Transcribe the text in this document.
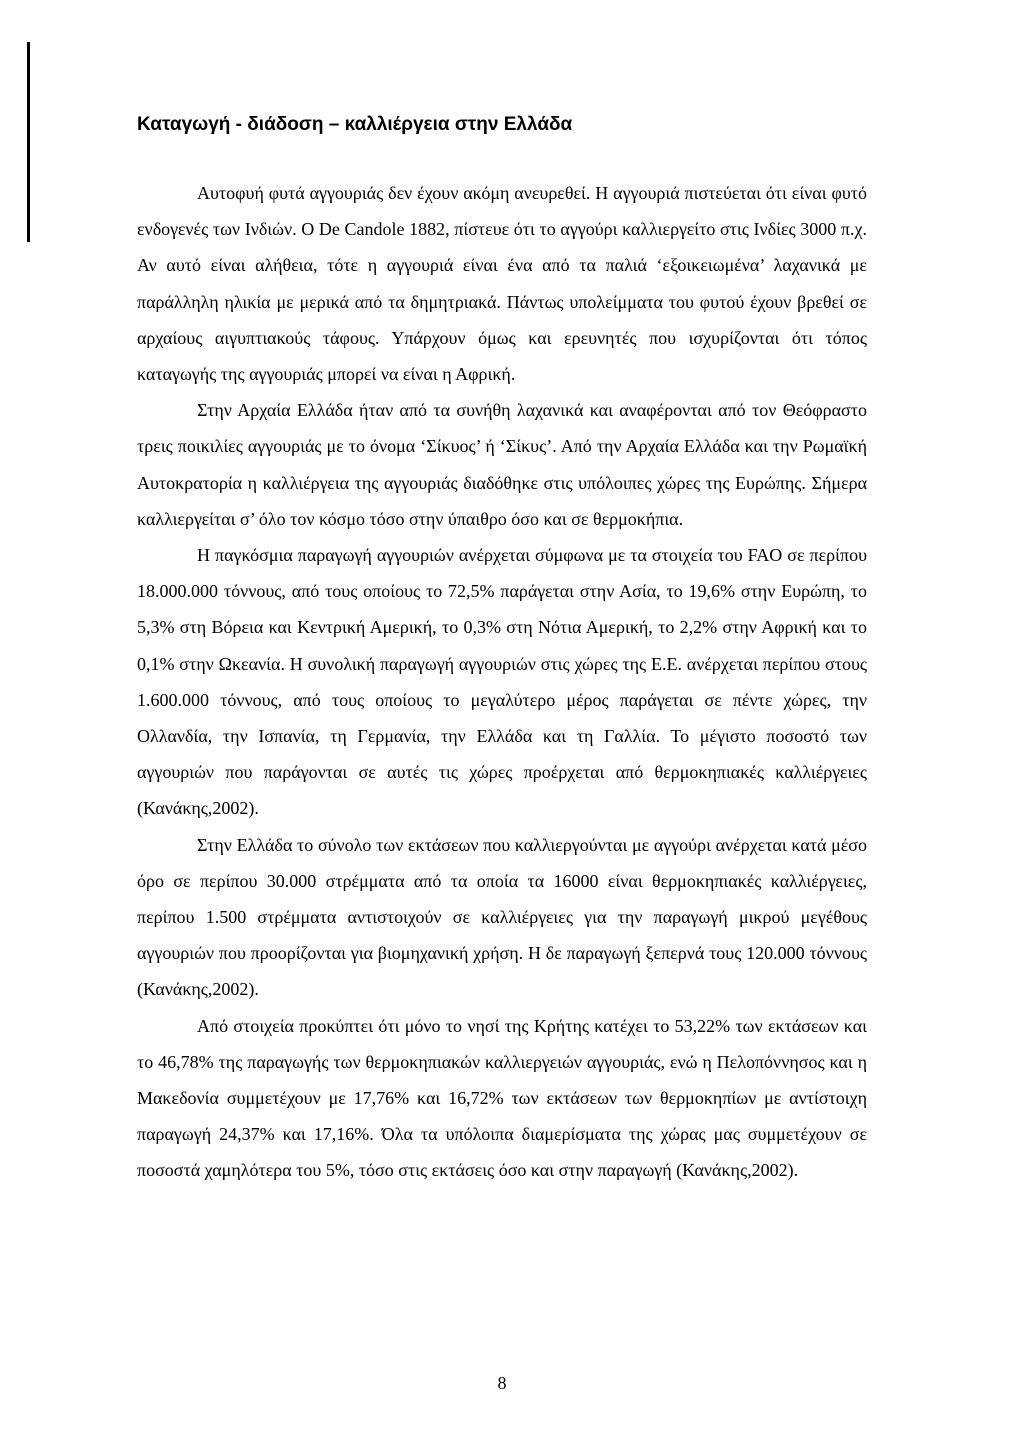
Καταγωγή - διάδοση – καλλιέργεια στην Ελλάδα

Αυτοφυή φυτά αγγουριάς δεν έχουν ακόμη ανευρεθεί. Η αγγουριά πιστεύεται ότι είναι φυτό ενδογενές των Ινδιών. Ο De Candole 1882, πίστευε ότι το αγγούρι καλλιεργείτο στις Ινδίες 3000 π.χ. Αν αυτό είναι αλήθεια, τότε η αγγουριά είναι ένα από τα παλιά ‘εξοικειωμένα’ λαχανικά με παράλληλη ηλικία με μερικά από τα δημητριακά. Πάντως υπολείμματα του φυτού έχουν βρεθεί σε αρχαίους αιγυπτιακούς τάφους. Υπάρχουν όμως και ερευνητές που ισχυρίζονται ότι τόπος καταγωγής της αγγουριάς μπορεί να είναι η Αφρική.

Στην Αρχαία Ελλάδα ήταν από τα συνήθη λαχανικά και αναφέρονται από τον Θεόφραστο τρεις ποικιλίες αγγουριάς με το όνομα ‘Σίκυος’ ή ‘Σίκυς’. Από την Αρχαία Ελλάδα και την Ρωμαϊκή Αυτοκρατορία η καλλιέργεια της αγγουριάς διαδόθηκε στις υπόλοιπες χώρες της Ευρώπης. Σήμερα καλλιεργείται σ’ όλο τον κόσμο τόσο στην ύπαιθρο όσο και σε θερμοκήπια.

Η παγκόσμια παραγωγή αγγουριών ανέρχεται σύμφωνα με τα στοιχεία του FAO σε περίπου 18.000.000 τόννους, από τους οποίους το 72,5% παράγεται στην Ασία, το 19,6% στην Ευρώπη, το 5,3% στη Βόρεια και Κεντρική Αμερική, το 0,3% στη Νότια Αμερική, το 2,2% στην Αφρική και το 0,1% στην Ωκεανία. Η συνολική παραγωγή αγγουριών στις χώρες της Ε.Ε. ανέρχεται περίπου στους 1.600.000 τόννους, από τους οποίους το μεγαλύτερο μέρος παράγεται σε πέντε χώρες, την Ολλανδία, την Ισπανία, τη Γερμανία, την Ελλάδα και τη Γαλλία. Το μέγιστο ποσοστό των αγγουριών που παράγονται σε αυτές τις χώρες προέρχεται από θερμοκηπιακές καλλιέργειες (Κανάκης,2002).

Στην Ελλάδα το σύνολο των εκτάσεων που καλλιεργούνται με αγγούρι ανέρχεται κατά μέσο όρο σε περίπου 30.000 στρέμματα από τα οποία τα 16000 είναι θερμοκηπιακές καλλιέργειες, περίπου 1.500 στρέμματα αντιστοιχούν σε καλλιέργειες για την παραγωγή μικρού μεγέθους αγγουριών που προορίζονται για βιομηχανική χρήση. Η δε παραγωγή ξεπερνά τους 120.000 τόννους (Κανάκης,2002).

Από στοιχεία προκύπτει ότι μόνο το νησί της Κρήτης κατέχει το 53,22% των εκτάσεων και το 46,78% της παραγωγής των θερμοκηπιακών καλλιεργειών αγγουριάς, ενώ η Πελοπόννησος και η Μακεδονία συμμετέχουν με 17,76% και 16,72% των εκτάσεων των θερμοκηπίων με αντίστοιχη παραγωγή 24,37% και 17,16%. Όλα τα υπόλοιπα διαμερίσματα της χώρας μας συμμετέχουν σε ποσοστά χαμηλότερα του 5%, τόσο στις εκτάσεις όσο και στην παραγωγή (Κανάκης,2002).

8
